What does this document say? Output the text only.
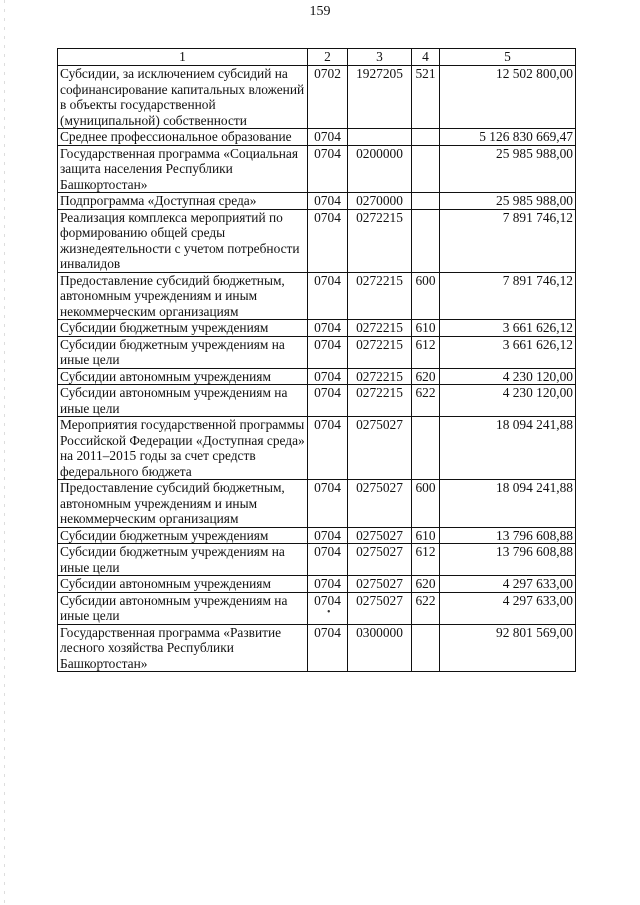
159
1	2	3	4	5
Субсидии, за исключением субсидий на софинансирование капитальных вложений в объекты государственной (муниципальной) собственности	0702	1927205	521	12 502 800,00
Среднее профессиональное образование	0704			5 126 830 669,47
Государственная программа «Социальная защита населения Республики Башкортостан»	0704	0200000		25 985 988,00
Подпрограмма «Доступная среда»	0704	0270000		25 985 988,00
Реализация комплекса мероприятий по формированию общей среды жизнедеятельности с учетом потребности инвалидов	0704	0272215		7 891 746,12
Предоставление субсидий бюджетным, автономным учреждениям и иным некоммерческим организациям	0704	0272215	600	7 891 746,12
Субсидии бюджетным учреждениям	0704	0272215	610	3 661 626,12
Субсидии бюджетным учреждениям на иные цели	0704	0272215	612	3 661 626,12
Субсидии автономным учреждениям	0704	0272215	620	4 230 120,00
Субсидии автономным учреждениям на иные цели	0704	0272215	622	4 230 120,00
Мероприятия государственной программы Российской Федерации «Доступная среда» на 2011–2015 годы за счет средств федерального бюджета	0704	0275027		18 094 241,88
Предоставление субсидий бюджетным, автономным учреждениям и иным некоммерческим организациям	0704	0275027	600	18 094 241,88
Субсидии бюджетным учреждениям	0704	0275027	610	13 796 608,88
Субсидии бюджетным учреждениям на иные цели	0704	0275027	612	13 796 608,88
Субсидии автономным учреждениям	0704	0275027	620	4 297 633,00
Субсидии автономным учреждениям на иные цели	0704	0275027	622	4 297 633,00
Государственная программа «Развитие лесного хозяйства Республики Башкортостан»	0704	0300000		92 801 569,00
•
